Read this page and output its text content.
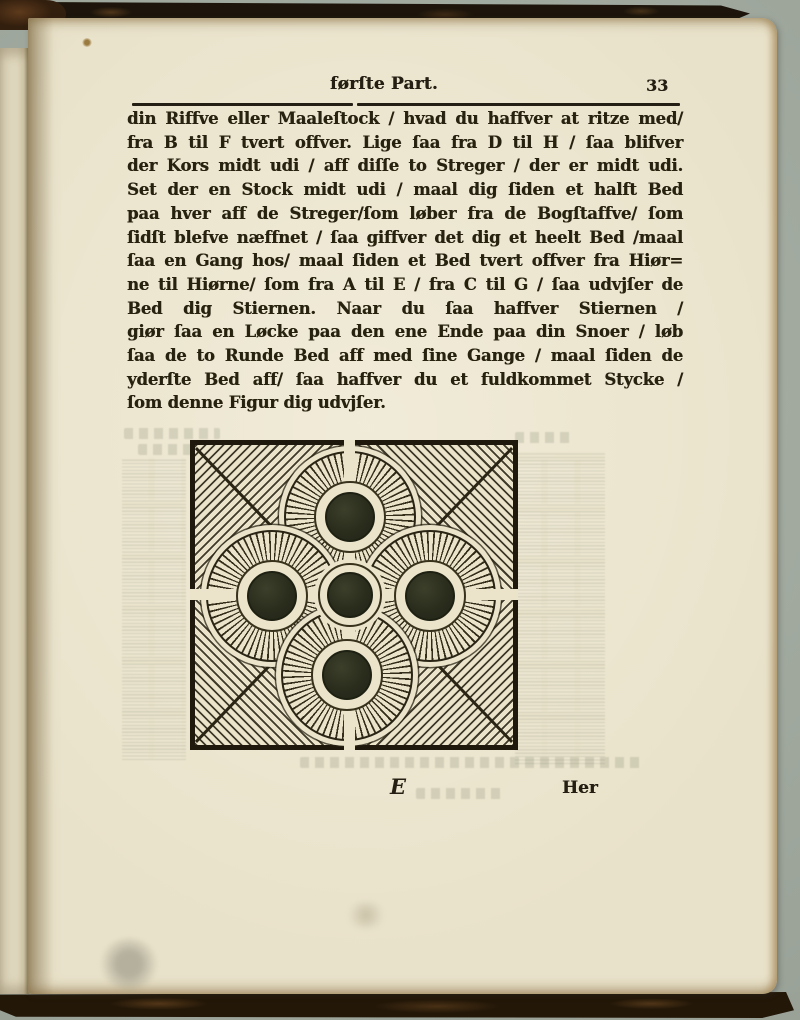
førſte Part.	33
din Riffve eller Maaleſtock / hvad du haffver at ritze med/
fra B til F tvert offver. Lige ſaa fra D til H / ſaa blifver
der Kors midt udi / aff diſſe to Streger / der er midt udi.
Set der en Stock midt udi / maal dig ſiden et halft Bed
paa hver aff de Streger/ſom løber fra de Bogſtaffve/ ſom
ſidſt blefve næffnet / ſaa giffver det dig et heelt Bed /maal
ſaa en Gang hos/ maal ſiden et Bed tvert offver fra Hiør=
ne til Hiørne/ ſom fra A til E / fra C til G / ſaa udvjſer de
Bed dig Stiernen. Naar du ſaa haffver Stiernen /
giør ſaa en Løcke paa den ene Ende paa din Snoer / løb
ſaa de to Runde Bed aff med ſine Gange / maal ſiden de
yderſte Bed aff/ ſaa haffver du et fuldkommet Stycke /
ſom denne Figur dig udvjſer.
E	Her
